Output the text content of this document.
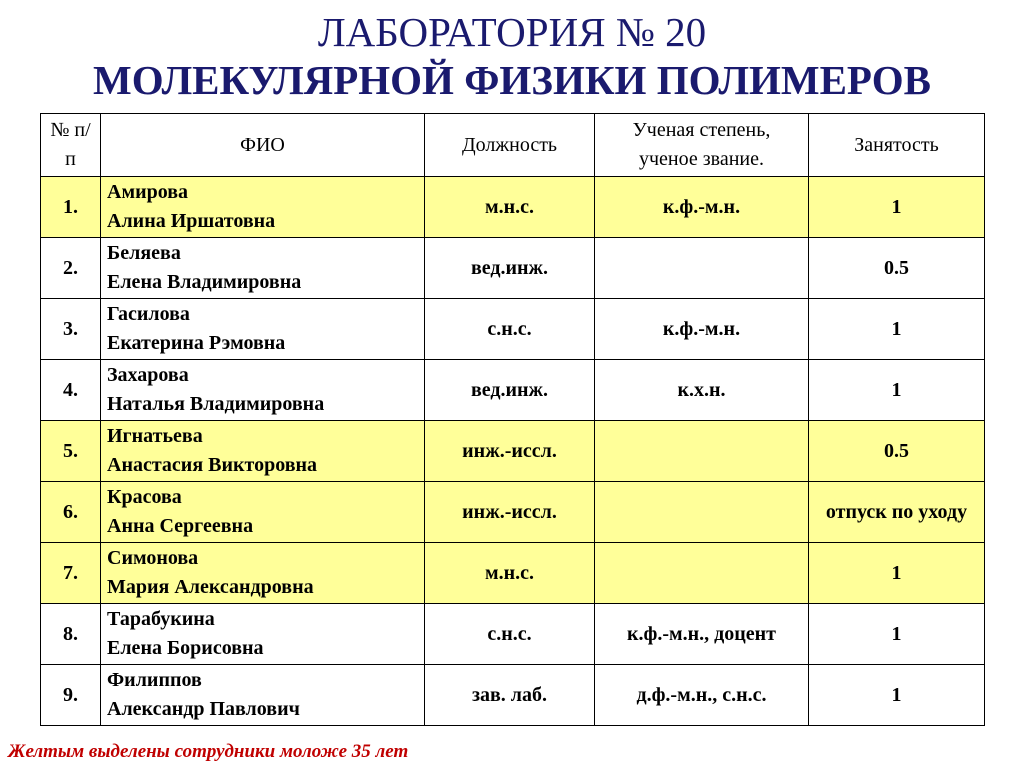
ЛАБОРАТОРИЯ № 20
МОЛЕКУЛЯРНОЙ ФИЗИКИ ПОЛИМЕРОВ
№ п/п	ФИО	Должность	Ученая степень, ученое звание.	Занятость
1.	Амирова
Алина Иршатовна	м.н.с.	к.ф.-м.н.	1
2.	Беляева
Елена Владимировна	вед.инж.		0.5
3.	Гасилова
Екатерина Рэмовна	с.н.с.	к.ф.-м.н.	1
4.	Захарова
Наталья Владимировна	вед.инж.	к.х.н.	1
5.	Игнатьева
Анастасия Викторовна	инж.-иссл.		0.5
6.	Красова
Анна Сергеевна	инж.-иссл.		отпуск по уходу
7.	Симонова
Мария Александровна	м.н.с.		1
8.	Тарабукина
Елена Борисовна	с.н.с.	к.ф.-м.н., доцент	1
9.	Филиппов
Александр Павлович	зав. лаб.	д.ф.-м.н., с.н.с.	1

Желтым выделены сотрудники моложе 35 лет
